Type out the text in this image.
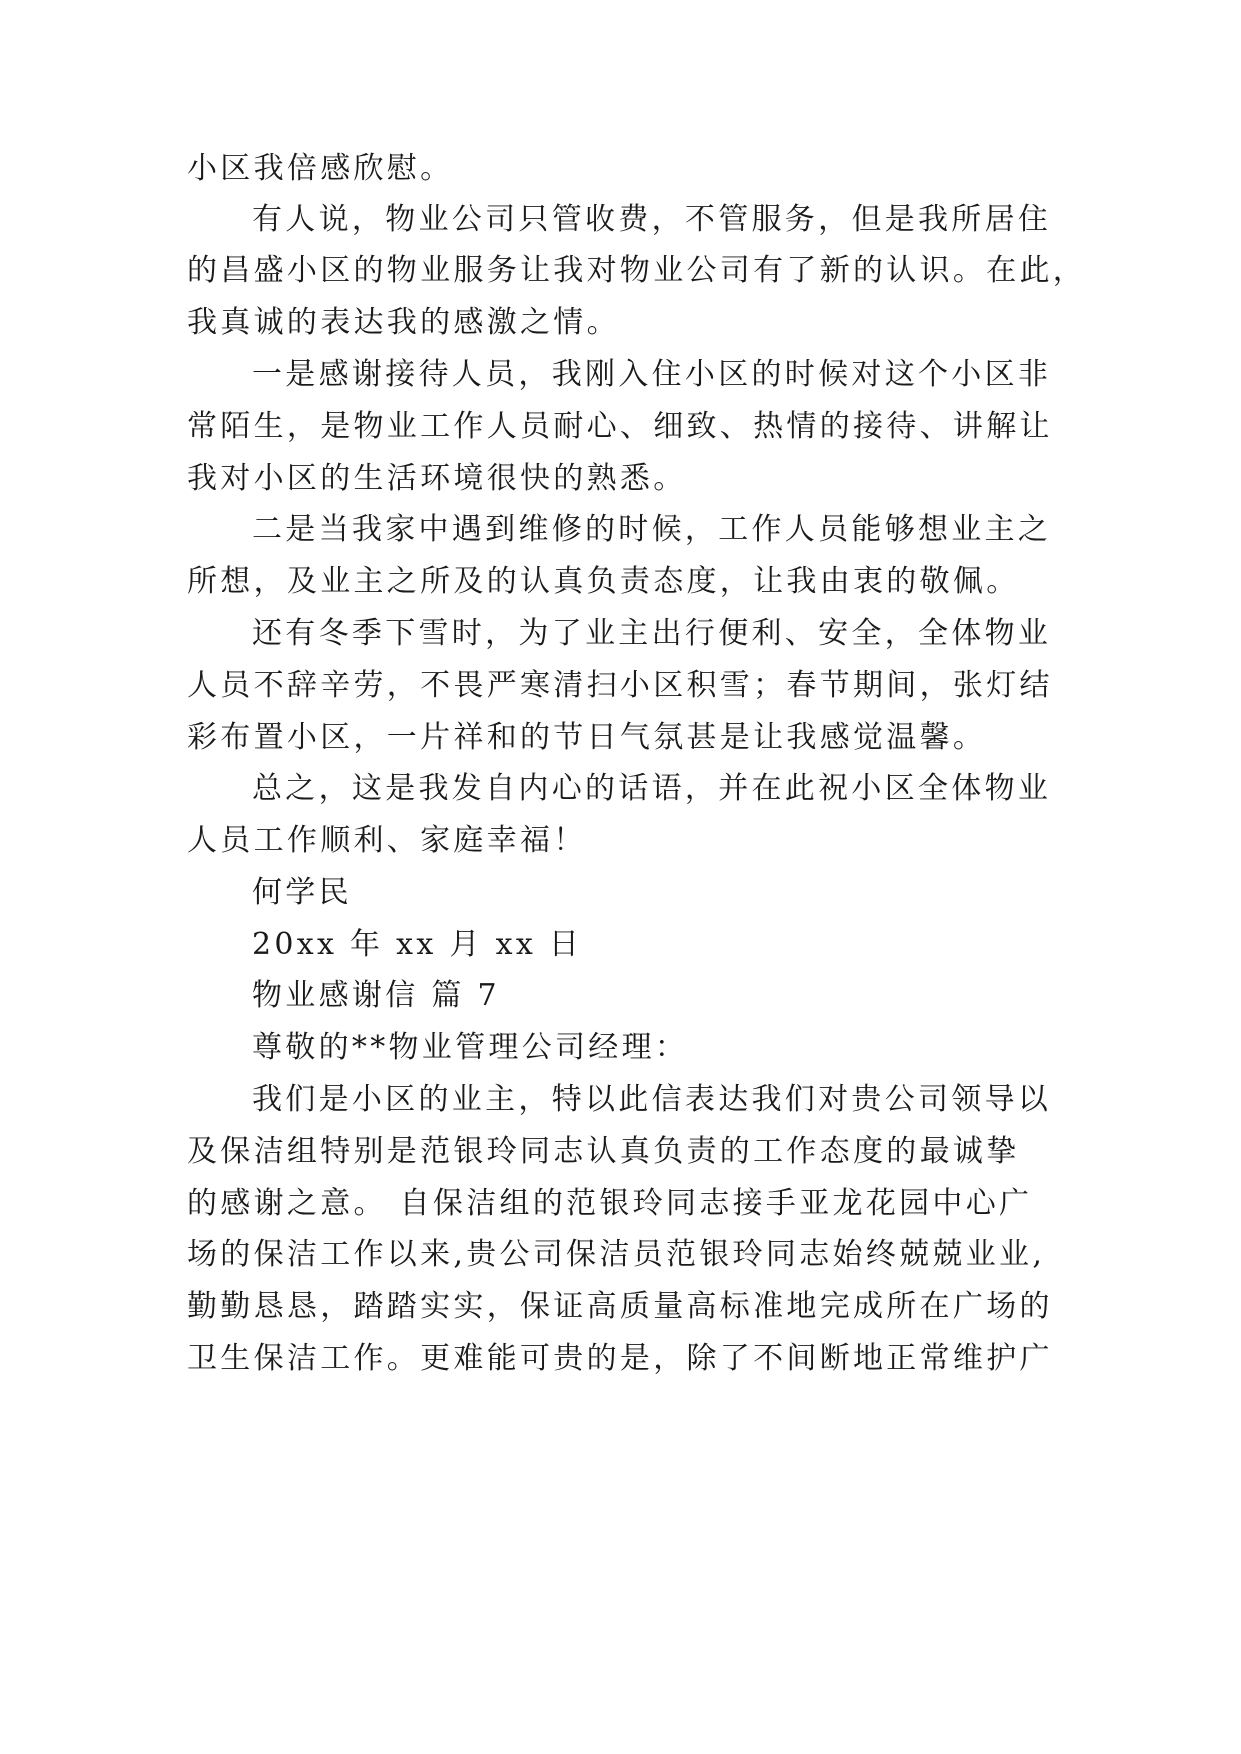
小区我倍感欣慰。
有人说，物业公司只管收费，不管服务，但是我所居住
的昌盛小区的物业服务让我对物业公司有了新的认识。在此，
我真诚的表达我的感激之情。
一是感谢接待人员，我刚入住小区的时候对这个小区非
常陌生，是物业工作人员耐心、细致、热情的接待、讲解让
我对小区的生活环境很快的熟悉。
二是当我家中遇到维修的时候，工作人员能够想业主之
所想，及业主之所及的认真负责态度，让我由衷的敬佩。
还有冬季下雪时，为了业主出行便利、安全，全体物业
人员不辞辛劳，不畏严寒清扫小区积雪；春节期间，张灯结
彩布置小区，一片祥和的节日气氛甚是让我感觉温馨。
总之，这是我发自内心的话语，并在此祝小区全体物业
人员工作顺利、家庭幸福！
何学民
20xx 年 xx 月 xx 日
物业感谢信 篇 7
尊敬的**物业管理公司经理：
我们是小区的业主，特以此信表达我们对贵公司领导以
及保洁组特别是范银玲同志认真负责的工作态度的最诚挚
的感谢之意。 自保洁组的范银玲同志接手亚龙花园中心广
场的保洁工作以来,贵公司保洁员范银玲同志始终兢兢业业,
勤勤恳恳，踏踏实实，保证高质量高标准地完成所在广场的
卫生保洁工作。更难能可贵的是，除了不间断地正常维护广
